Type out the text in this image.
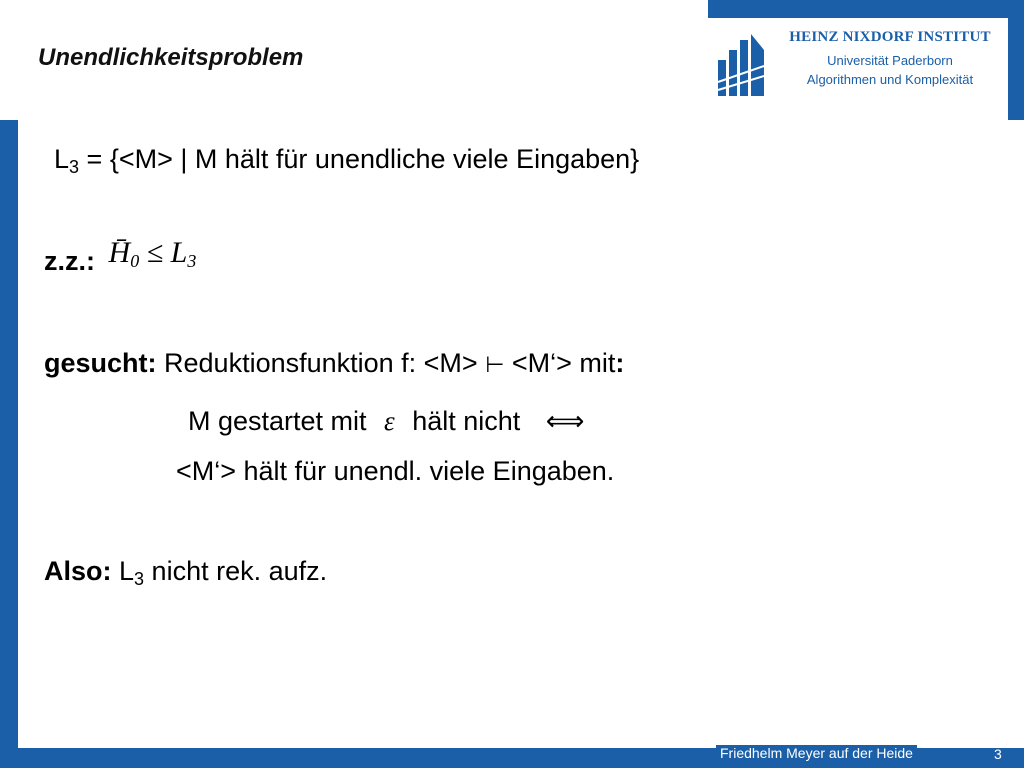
Unendlichkeitsproblem
HEINZ NIXDORF INSTITUT
Universität Paderborn
Algorithmen und Komplexität
$L_3 = \{<M>$ | M hält für unendliche viele Eingaben}
z.z.: $H̄_0 \le L_3$
gesucht: Reduktionsfunktion f: <M> ⊢ <M‘> mit:
M gestartet mit ε hält nicht ⟺
<M‘> hält für unendl. viele Eingaben.
Also: $L_3$ nicht rek. aufz.
Friedhelm Meyer auf der Heide	3
